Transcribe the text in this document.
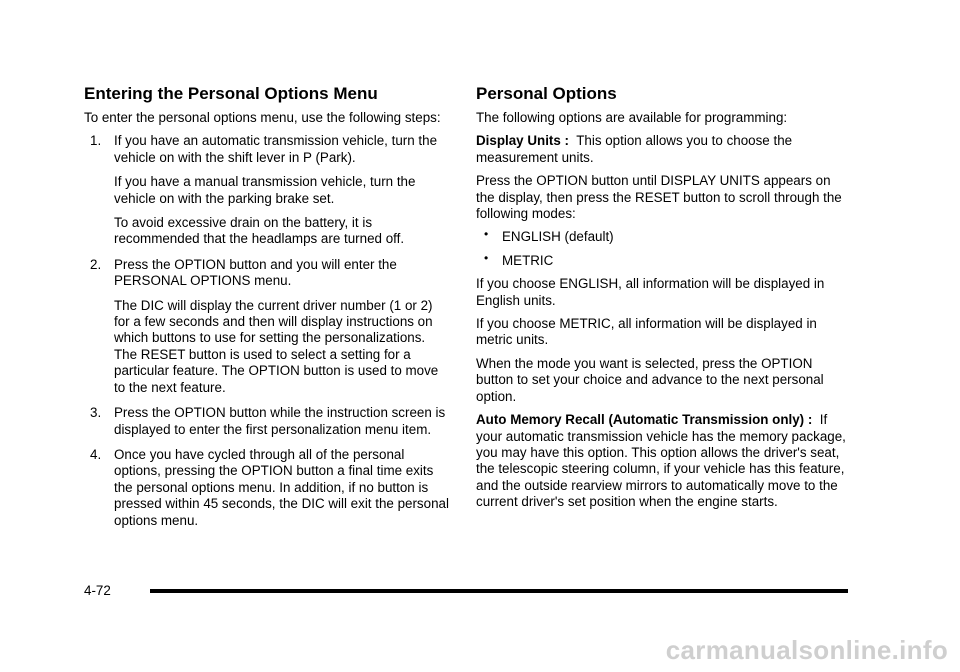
Entering the Personal Options Menu

To enter the personal options menu, use the following steps:

1. If you have an automatic transmission vehicle, turn the vehicle on with the shift lever in P (Park).

If you have a manual transmission vehicle, turn the vehicle on with the parking brake set.

To avoid excessive drain on the battery, it is recommended that the headlamps are turned off.

2. Press the OPTION button and you will enter the PERSONAL OPTIONS menu.

The DIC will display the current driver number (1 or 2) for a few seconds and then will display instructions on which buttons to use for setting the personalizations. The RESET button is used to select a setting for a particular feature. The OPTION button is used to move to the next feature.

3. Press the OPTION button while the instruction screen is displayed to enter the first personalization menu item.

4. Once you have cycled through all of the personal options, pressing the OPTION button a final time exits the personal options menu. In addition, if no button is pressed within 45 seconds, the DIC will exit the personal options menu.

Personal Options

The following options are available for programming:

Display Units : This option allows you to choose the measurement units.

Press the OPTION button until DISPLAY UNITS appears on the display, then press the RESET button to scroll through the following modes:

• ENGLISH (default)
• METRIC

If you choose ENGLISH, all information will be displayed in English units.

If you choose METRIC, all information will be displayed in metric units.

When the mode you want is selected, press the OPTION button to set your choice and advance to the next personal option.

Auto Memory Recall (Automatic Transmission only) : If your automatic transmission vehicle has the memory package, you may have this option. This option allows the driver's seat, the telescopic steering column, if your vehicle has this feature, and the outside rearview mirrors to automatically move to the current driver's set position when the engine starts.

4-72
carmanualsonline.info
